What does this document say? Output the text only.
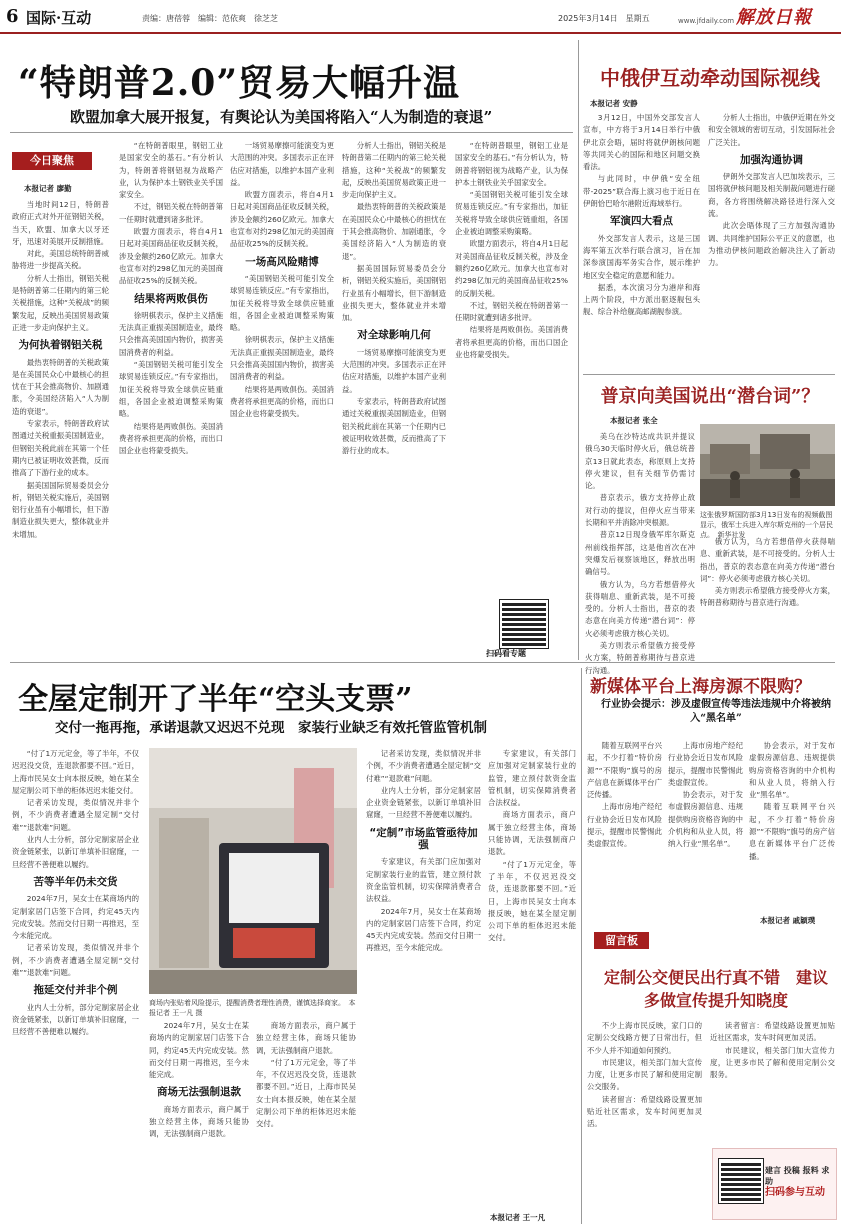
6 国际·互动	责编：唐蓓蓉　编辑：范依爽　徐芝芝	2025年3月14日　星期五	www.jfdaily.com 解放日報
“特朗普2.0”贸易大幅升温
欧盟加拿大展开报复，有舆论认为美国将陷入“人为制造的衰退”
今日聚焦
本报记者 廖勤

当地时间12日，特朗普政府正式对外开征钢铝关税，当天，欧盟、加拿大以牙还牙，迅速对美展开反制措施。

对此，美国总统特朗普威胁将进一步提高关税。

分析人士指出，钢铝关税是特朗普第二任期内的第三轮关税措施，这种“关税战”的频繁发起，反映出美国贸易政策正进一步走向保护主义。

为何执着钢铝关税

最热衷特朗普的关税政策是在美国民众心中最核心的担忧在于其会推高物价、加剧通胀，令美国经济陷入“人为制造的衰退”。

专家表示，特朗普政府试图通过关税重振美国制造业，但钢铝关税此前在其第一个任期内已被证明收效甚微，反而推高了下游行业的成本。

据美国国际贸易委员会分析，钢铝关税实施后，美国钢铝行业虽有小幅增长，但下游制造业损失更大，整体就业并未增加。

“在特朗普眼里，钢铝工业是国家安全的基石。”有分析认为，特朗普将钢铝视为战略产业，认为保护本土钢铁业关乎国家安全。

不过，钢铝关税在特朗普第一任期时就遭到诸多批评。

欧盟方面表示，将自4月1日起对美国商品征收反制关税，涉及金额约260亿欧元。加拿大也宣布对约298亿加元的美国商品征收25%的反制关税。

结果将两败俱伤

徐明棋表示，保护主义措施无法真正重振美国制造业，最终只会推高美国国内物价，损害美国消费者的利益。

“美国钢铝关税可能引发全球贸易连锁反应。”有专家指出，加征关税将导致全球供应链重组，各国企业被迫调整采购策略。

结果将是两败俱伤。美国消费者将承担更高的价格，而出口国企业也将蒙受损失。

一场贸易摩擦可能演变为更大范围的冲突。多国表示正在评估应对措施，以维护本国产业利益。

欧盟方面表示，将自4月1日起对美国商品征收反制关税，涉及金额约260亿欧元。加拿大也宣布对约298亿加元的美国商品征收25%的反制关税。

一场高风险赌博

“美国钢铝关税可能引发全球贸易连锁反应。”有专家指出，加征关税将导致全球供应链重组，各国企业被迫调整采购策略。

徐明棋表示，保护主义措施无法真正重振美国制造业，最终只会推高美国国内物价，损害美国消费者的利益。

结果将是两败俱伤。美国消费者将承担更高的价格，而出口国企业也将蒙受损失。

分析人士指出，钢铝关税是特朗普第二任期内的第三轮关税措施，这种“关税战”的频繁发起，反映出美国贸易政策正进一步走向保护主义。

最热衷特朗普的关税政策是在美国民众心中最核心的担忧在于其会推高物价、加剧通胀，令美国经济陷入“人为制造的衰退”。

据美国国际贸易委员会分析，钢铝关税实施后，美国钢铝行业虽有小幅增长，但下游制造业损失更大，整体就业并未增加。

对全球影响几何

一场贸易摩擦可能演变为更大范围的冲突。多国表示正在评估应对措施，以维护本国产业利益。

专家表示，特朗普政府试图通过关税重振美国制造业，但钢铝关税此前在其第一个任期内已被证明收效甚微，反而推高了下游行业的成本。

“在特朗普眼里，钢铝工业是国家安全的基石。”有分析认为，特朗普将钢铝视为战略产业，认为保护本土钢铁业关乎国家安全。

“美国钢铝关税可能引发全球贸易连锁反应。”有专家指出，加征关税将导致全球供应链重组，各国企业被迫调整采购策略。

欧盟方面表示，将自4月1日起对美国商品征收反制关税，涉及金额约260亿欧元。加拿大也宣布对约298亿加元的美国商品征收25%的反制关税。

不过，钢铝关税在特朗普第一任期时就遭到诸多批评。

结果将是两败俱伤。美国消费者将承担更高的价格，而出口国企业也将蒙受损失。

扫码看专题
中俄伊互动牵动国际视线
本报记者 安静

3月12日，中国外交部发言人宣布，中方将于3月14日举行中俄伊北京会晤，届时将就伊朗核问题等共同关心的国际和地区问题交换看法。

与此同时，中伊俄“安全纽带-2025”联合海上演习也于近日在伊朗恰巴哈尔港附近海域举行。

军演四大看点

外交部发言人表示，这是三国海军第五次举行联合演习，旨在加深参演国海军务实合作，展示维护地区安全稳定的意愿和能力。

据悉，本次演习分为港岸和海上两个阶段，中方派出驱逐舰包头舰、综合补给舰高邮湖舰参演。

分析人士指出，中俄伊近期在外交和安全领域的密切互动，引发国际社会广泛关注。

加强沟通协调

伊朗外交部发言人巴加埃表示，三国将就伊核问题及相关制裁问题进行磋商，各方将围绕解决路径进行深入交流。

此次会晤体现了三方加强沟通协调、共同维护国际公平正义的意愿，也为推动伊核问题政治解决注入了新动力。

普京向美国说出“潜台词”？
本报记者 张全

美乌在沙特达成共识并提议俄乌30天临时停火后，俄总统普京13日就此表态，称原则上支持停火建议，但有关细节仍需讨论。

普京表示，俄方支持停止敌对行动的提议，但停火应当带来长期和平并消除冲突根源。

普京12日现身俄军库尔斯克州前线指挥部，这是他首次在冲突爆发后视察该地区，释放出明确信号。

俄方认为，乌方若想借停火获得喘息、重新武装，是不可接受的。分析人士指出，普京的表态意在向美方传递“潜台词”：停火必须考虑俄方核心关切。

美方则表示希望俄方接受停火方案，特朗普称期待与普京进行沟通。

这张俄罗斯国防部3月13日发布的视频截图显示，俄军士兵进入库尔斯克州的一个居民点。　新华社发

俄方认为，乌方若想借停火获得喘息、重新武装，是不可接受的。分析人士指出，普京的表态意在向美方传递“潜台词”：停火必须考虑俄方核心关切。

美方则表示希望俄方接受停火方案，特朗普称期待与普京进行沟通。

全屋定制开了半年“空头支票”
交付一拖再拖，承诺退款又迟迟不兑现　家装行业缺乏有效托管监管机制

“付了1万元定金，等了半年，不仅迟迟没交货，连退款都要不回。”近日，上海市民吴女士向本报反映，她在某全屋定制公司下单的柜体迟迟未能交付。

记者采访发现，类似情况并非个例，不少消费者遭遇全屋定制“交付难”“退款难”问题。

业内人士分析，部分定制家居企业资金链紧张，以新订单填补旧窟窿，一旦经营不善便难以履约。

苦等半年仍未交货

2024年7月，吴女士在某商场内的定制家居门店签下合同，约定45天内完成安装。然而交付日期一再推迟，至今未能完成。

记者采访发现，类似情况并非个例，不少消费者遭遇全屋定制“交付难”“退款难”问题。

拖延交付并非个例

业内人士分析，部分定制家居企业资金链紧张，以新订单填补旧窟窿，一旦经营不善便难以履约。

商场内张贴着风险提示，提醒消费者理性消费，谨慎选择商家。　本报记者 王一凡 摄

2024年7月，吴女士在某商场内的定制家居门店签下合同，约定45天内完成安装。然而交付日期一再推迟，至今未能完成。

商场无法强制退款

商场方面表示，商户属于独立经营主体，商场只能协调，无法强制商户退款。

商场方面表示，商户属于独立经营主体，商场只能协调，无法强制商户退款。

“付了1万元定金，等了半年，不仅迟迟没交货，连退款都要不回。”近日，上海市民吴女士向本报反映，她在某全屋定制公司下单的柜体迟迟未能交付。

记者采访发现，类似情况并非个例，不少消费者遭遇全屋定制“交付难”“退款难”问题。

业内人士分析，部分定制家居企业资金链紧张，以新订单填补旧窟窿，一旦经营不善便难以履约。

“定制”市场监管亟待加强

专家建议，有关部门应加强对定制家装行业的监管，建立预付款资金监管机制，切实保障消费者合法权益。

2024年7月，吴女士在某商场内的定制家居门店签下合同，约定45天内完成安装。然而交付日期一再推迟，至今未能完成。

专家建议，有关部门应加强对定制家装行业的监管，建立预付款资金监管机制，切实保障消费者合法权益。

商场方面表示，商户属于独立经营主体，商场只能协调，无法强制商户退款。

“付了1万元定金，等了半年，不仅迟迟没交货，连退款都要不回。”近日，上海市民吴女士向本报反映，她在某全屋定制公司下单的柜体迟迟未能交付。

本报记者 王一凡
新媒体平台上海房源不限购？
行业协会提示：涉及虚假宣传等违法违规中介将被纳入“黑名单”

随着互联网平台兴起，不少打着“特价房源”“不限购”旗号的房产信息在新媒体平台广泛传播。

上海市房地产经纪行业协会近日发布风险提示，提醒市民警惕此类虚假宣传。

上海市房地产经纪行业协会近日发布风险提示，提醒市民警惕此类虚假宣传。

协会表示，对于发布虚假房源信息、违规提供购房资格咨询的中介机构和从业人员，将纳入行业“黑名单”。

协会表示，对于发布虚假房源信息、违规提供购房资格咨询的中介机构和从业人员，将纳入行业“黑名单”。

随着互联网平台兴起，不少打着“特价房源”“不限购”旗号的房产信息在新媒体平台广泛传播。

本报记者 戚颖璞
留言板
定制公交便民出行真不错　建议多做宣传提升知晓度

不少上海市民反映，家门口的定制公交线路方便了日常出行，但不少人并不知道如何预约。

市民建议，相关部门加大宣传力度，让更多市民了解和使用定制公交服务。

读者留言：希望线路设置更加贴近社区需求，发车时间更加灵活。

读者留言：希望线路设置更加贴近社区需求，发车时间更加灵活。

市民建议，相关部门加大宣传力度，让更多市民了解和使用定制公交服务。

建言 投稿 报料 求助
扫码参与互动
